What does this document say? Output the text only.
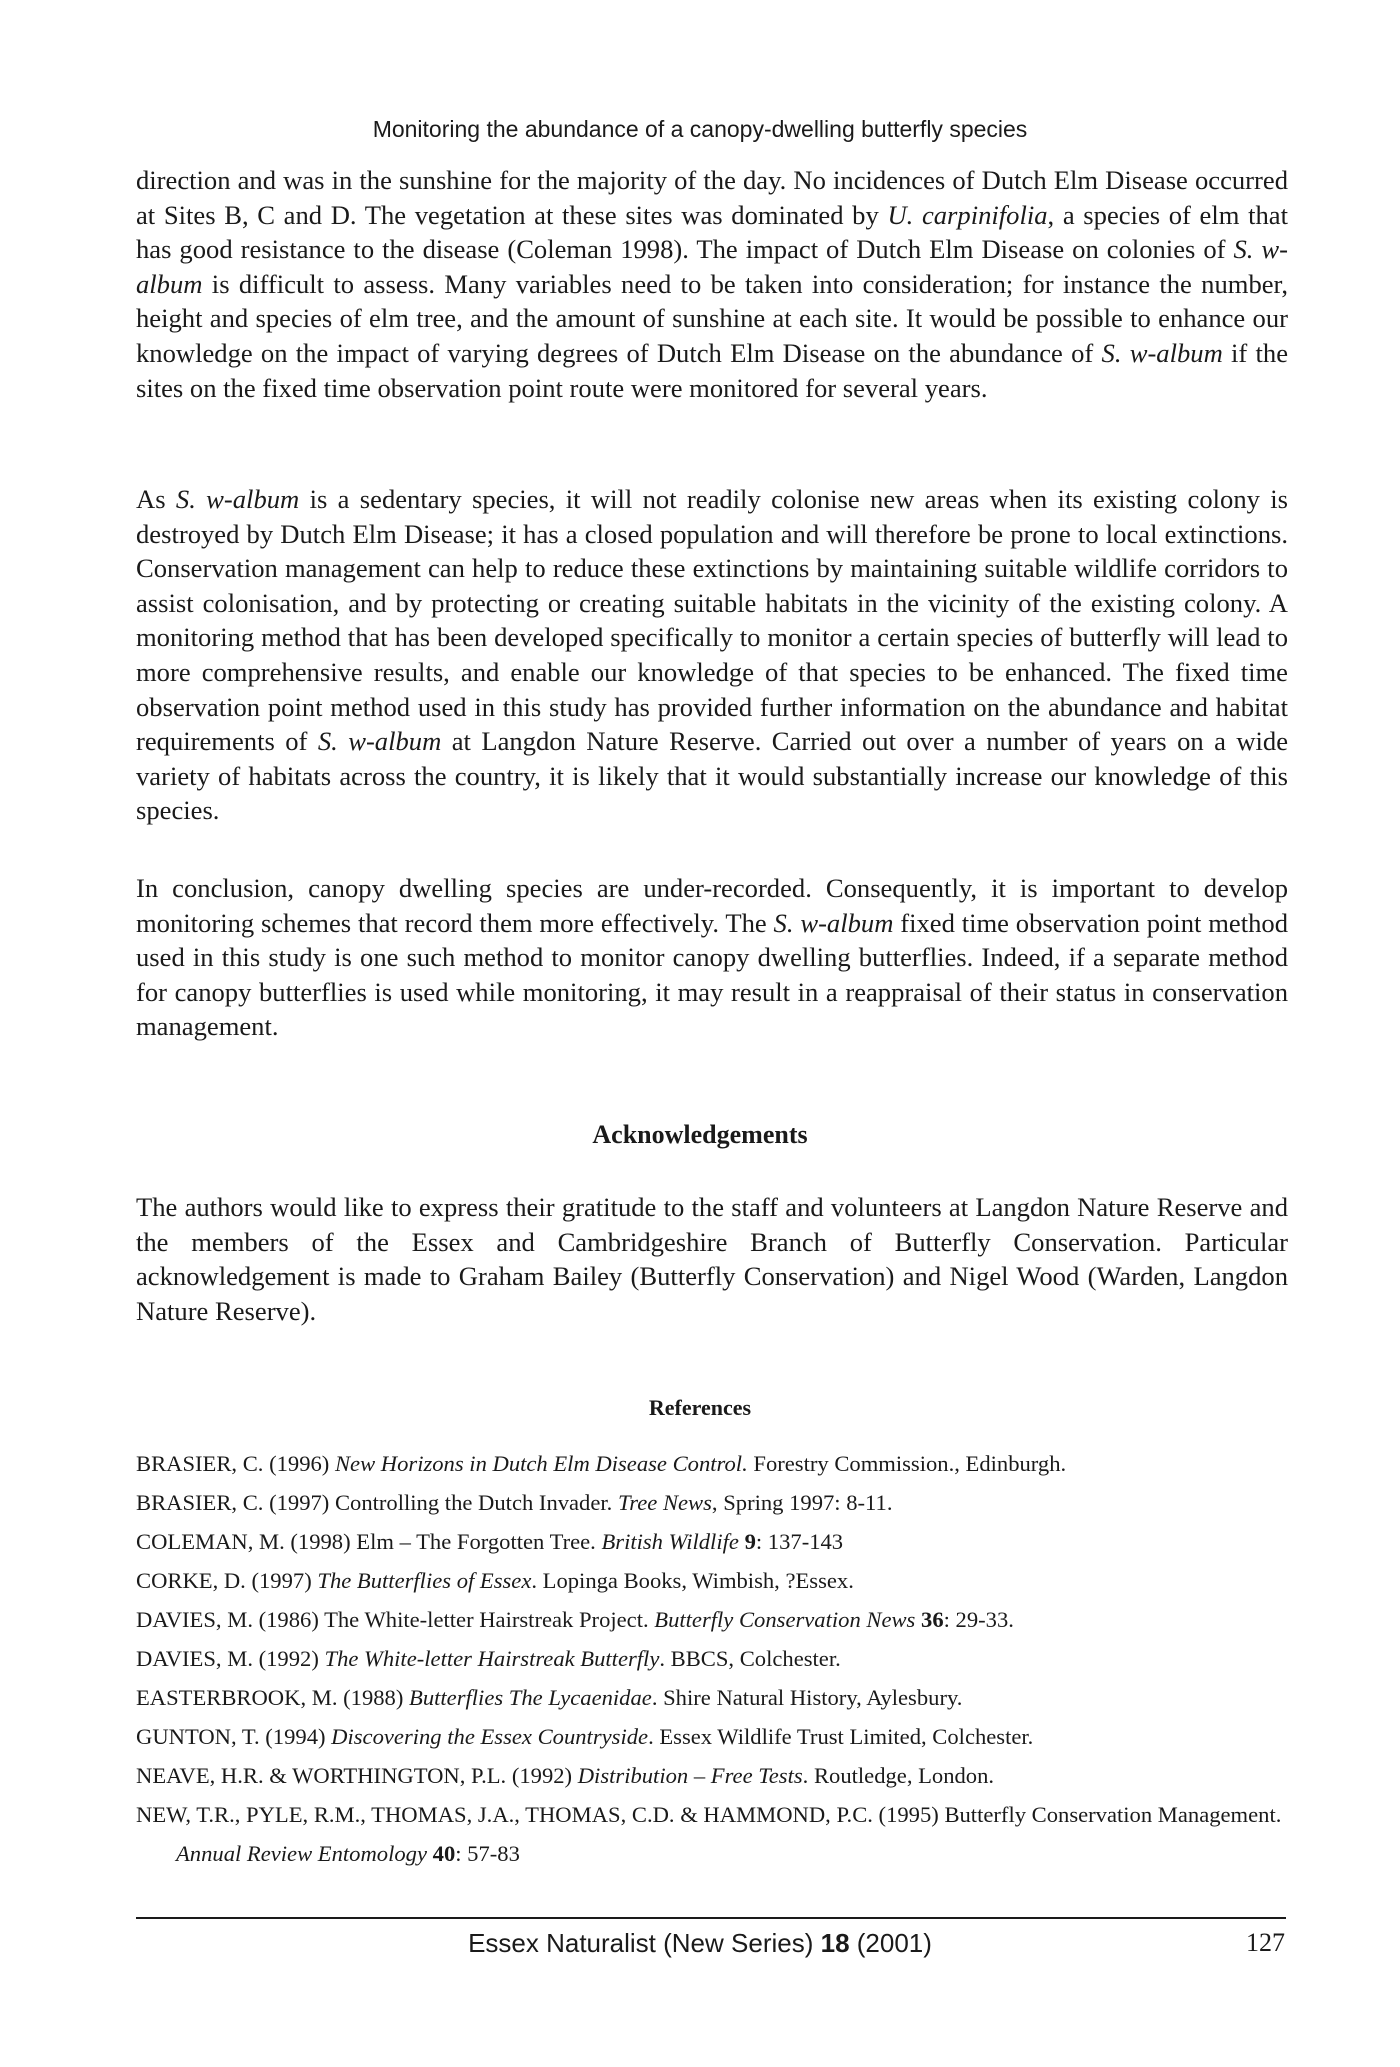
Monitoring the abundance of a canopy-dwelling butterfly species

direction and was in the sunshine for the majority of the day. No incidences of Dutch Elm Disease occurred at Sites B, C and D. The vegetation at these sites was dominated by U. carpinifolia, a species of elm that has good resistance to the disease (Coleman 1998). The impact of Dutch Elm Disease on colonies of S. w-album is difficult to assess. Many variables need to be taken into consideration; for instance the number, height and species of elm tree, and the amount of sunshine at each site. It would be possible to enhance our knowledge on the impact of varying degrees of Dutch Elm Disease on the abundance of S. w-album if the sites on the fixed time observation point route were monitored for several years.

As S. w-album is a sedentary species, it will not readily colonise new areas when its existing colony is destroyed by Dutch Elm Disease; it has a closed population and will therefore be prone to local extinctions. Conservation management can help to reduce these extinctions by maintaining suitable wildlife corridors to assist colonisation, and by protecting or creating suitable habitats in the vicinity of the existing colony. A monitoring method that has been developed specifically to monitor a certain species of butterfly will lead to more comprehensive results, and enable our knowledge of that species to be enhanced. The fixed time observation point method used in this study has provided further information on the abundance and habitat requirements of S. w-album at Langdon Nature Reserve. Carried out over a number of years on a wide variety of habitats across the country, it is likely that it would substantially increase our knowledge of this species.

In conclusion, canopy dwelling species are under-recorded. Consequently, it is important to develop monitoring schemes that record them more effectively. The S. w-album fixed time observation point method used in this study is one such method to monitor canopy dwelling butterflies. Indeed, if a separate method for canopy butterflies is used while monitoring, it may result in a reappraisal of their status in conservation management.

Acknowledgements

The authors would like to express their gratitude to the staff and volunteers at Langdon Nature Reserve and the members of the Essex and Cambridgeshire Branch of Butterfly Conservation. Particular acknowledgement is made to Graham Bailey (Butterfly Conservation) and Nigel Wood (Warden, Langdon Nature Reserve).

References
BRASIER, C. (1996) New Horizons in Dutch Elm Disease Control. Forestry Commission., Edinburgh.
BRASIER, C. (1997) Controlling the Dutch Invader. Tree News, Spring 1997: 8-11.
COLEMAN, M. (1998) Elm – The Forgotten Tree. British Wildlife 9: 137-143
CORKE, D. (1997) The Butterflies of Essex. Lopinga Books, Wimbish, ?Essex.
DAVIES, M. (1986) The White-letter Hairstreak Project. Butterfly Conservation News 36: 29-33.
DAVIES, M. (1992) The White-letter Hairstreak Butterfly. BBCS, Colchester.
EASTERBROOK, M. (1988) Butterflies The Lycaenidae. Shire Natural History, Aylesbury.
GUNTON, T. (1994) Discovering the Essex Countryside. Essex Wildlife Trust Limited, Colchester.
NEAVE, H.R. & WORTHINGTON, P.L. (1992) Distribution – Free Tests. Routledge, London.
NEW, T.R., PYLE, R.M., THOMAS, J.A., THOMAS, C.D. & HAMMOND, P.C. (1995) Butterfly Conservation Management. Annual Review Entomology 40: 57-83
Essex Naturalist (New Series) 18 (2001)	127
